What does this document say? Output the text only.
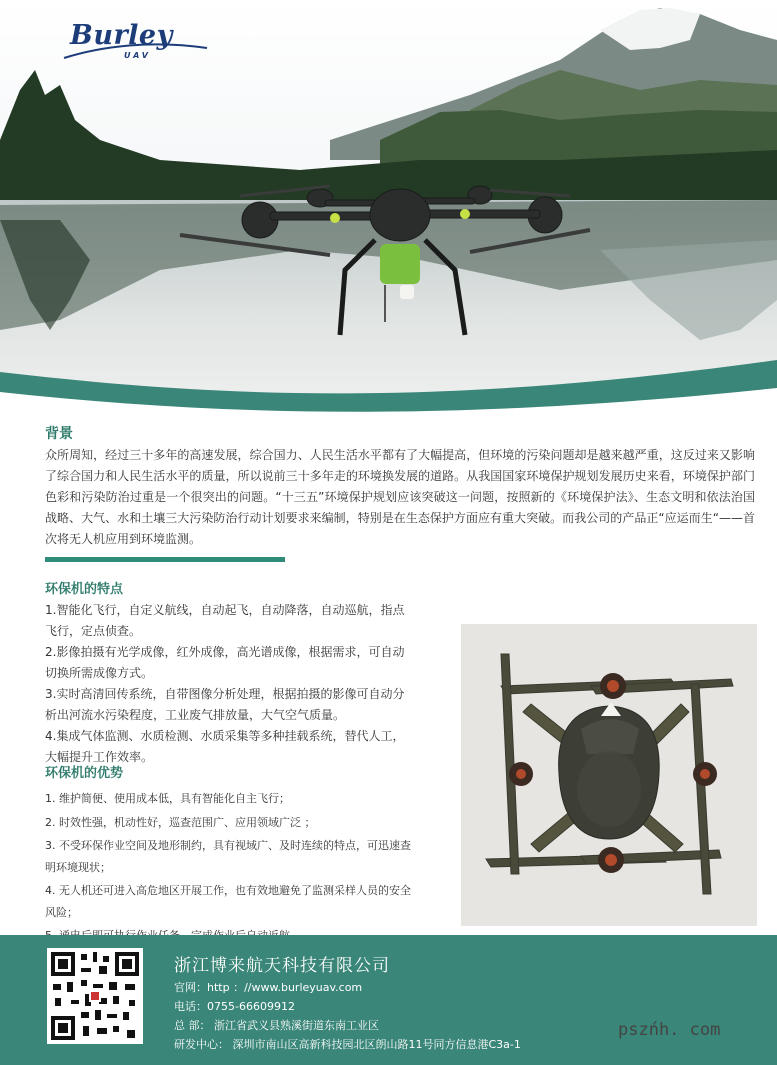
Burley
UAV
背景
众所周知，经过三十多年的高速发展，综合国力、人民生活水平都有了大幅提高，但环境的污染问题却是越来越严重，这反过来又影响了综合国力和人民生活水平的质量，所以说前三十多年走的环境换发展的道路。从我国国家环境保护规划发展历史来看，环境保护部门色彩和污染防治过重是一个很突出的问题。“十三五”环境保护规划应该突破这一问题，按照新的《环境保护法》、生态文明和依法治国战略、大气、水和土壤三大污染防治行动计划要求来编制，特别是在生态保护方面应有重大突破。而我公司的产品正“应运而生“——首次将无人机应用到环境监测。
环保机的特点
1.智能化飞行，自定义航线，自动起飞，自动降落，自动巡航，指点飞行，定点侦查。
2.影像拍摄有光学成像，红外成像，高光谱成像，根据需求，可自动切换所需成像方式。
3.实时高清回传系统，自带图像分析处理，根据拍摄的影像可自动分析出河流水污染程度，工业废气排放量，大气空气质量。
4.集成气体监测、水质检测、水质采集等多种挂载系统，替代人工，大幅提升工作效率。
环保机的优势
1. 维护简便、使用成本低，具有智能化自主飞行；
2. 时效性强，机动性好，巡查范围广、应用领域广泛 ；
3. 不受环保作业空间及地形制约，具有视域广、及时连续的特点，可迅速查明环境现状；
4. 无人机还可进入高危地区开展工作，也有效地避免了监测采样人员的安全风险；
浙江博来航天科技有限公司
官网：http ：//www.burleyuav.com
电话：0755-66609912
总 部： 浙江省武义县熟溪街道东南工业区
研发中心： 深圳市南山区高新科技园北区朗山路11号同方信息港C3a-1
pszńh. com
